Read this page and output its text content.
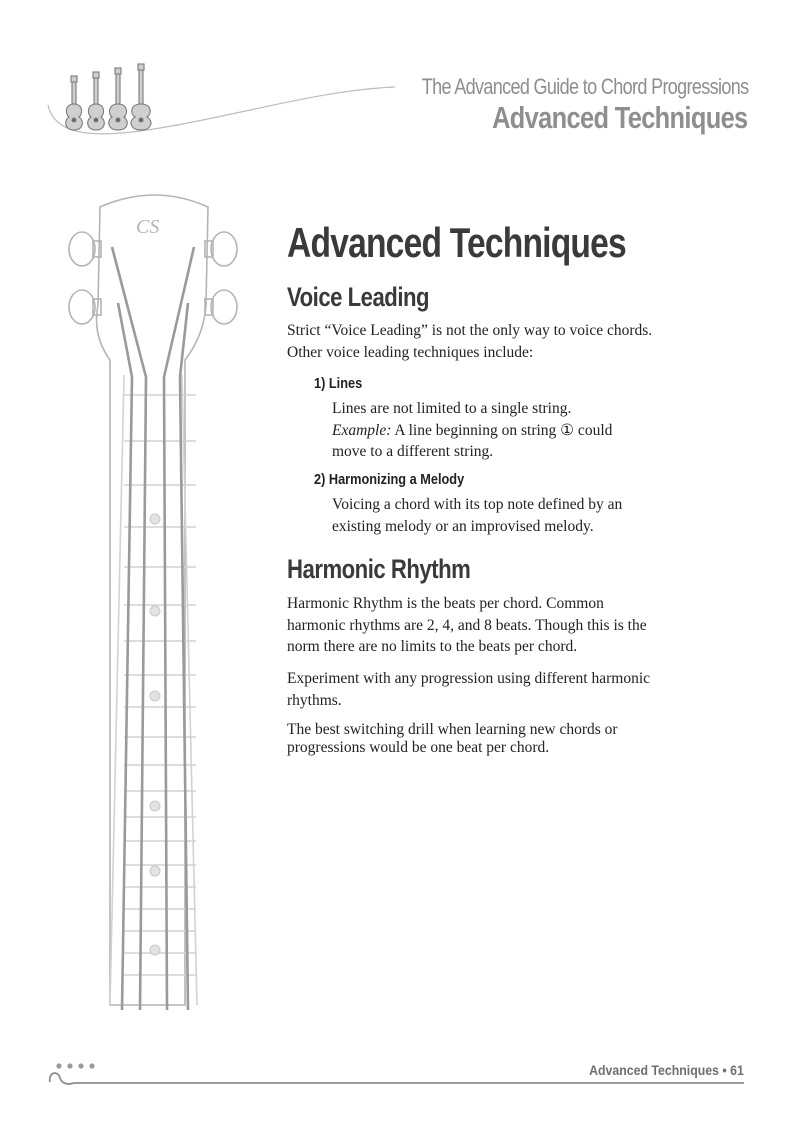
The Advanced Guide to Chord Progressions
Advanced Techniques
CS	Advanced Techniques
Voice Leading

Strict “Voice Leading” is not the only way to voice chords.

Other voice leading techniques include:

1) Lines

Lines are not limited to a single string.

Example: A line beginning on string ① could

move to a different string.

2) Harmonizing a Melody

Voicing a chord with its top note defined by an

existing melody or an improvised melody.

Harmonic Rhythm

Harmonic Rhythm is the beats per chord. Common

harmonic rhythms are 2, 4, and 8 beats. Though this is the

norm there are no limits to the beats per chord.

Experiment with any progression using different harmonic

rhythms.

The best switching drill when learning new chords or

progressions would be one beat per chord.

Advanced Techniques • 61
